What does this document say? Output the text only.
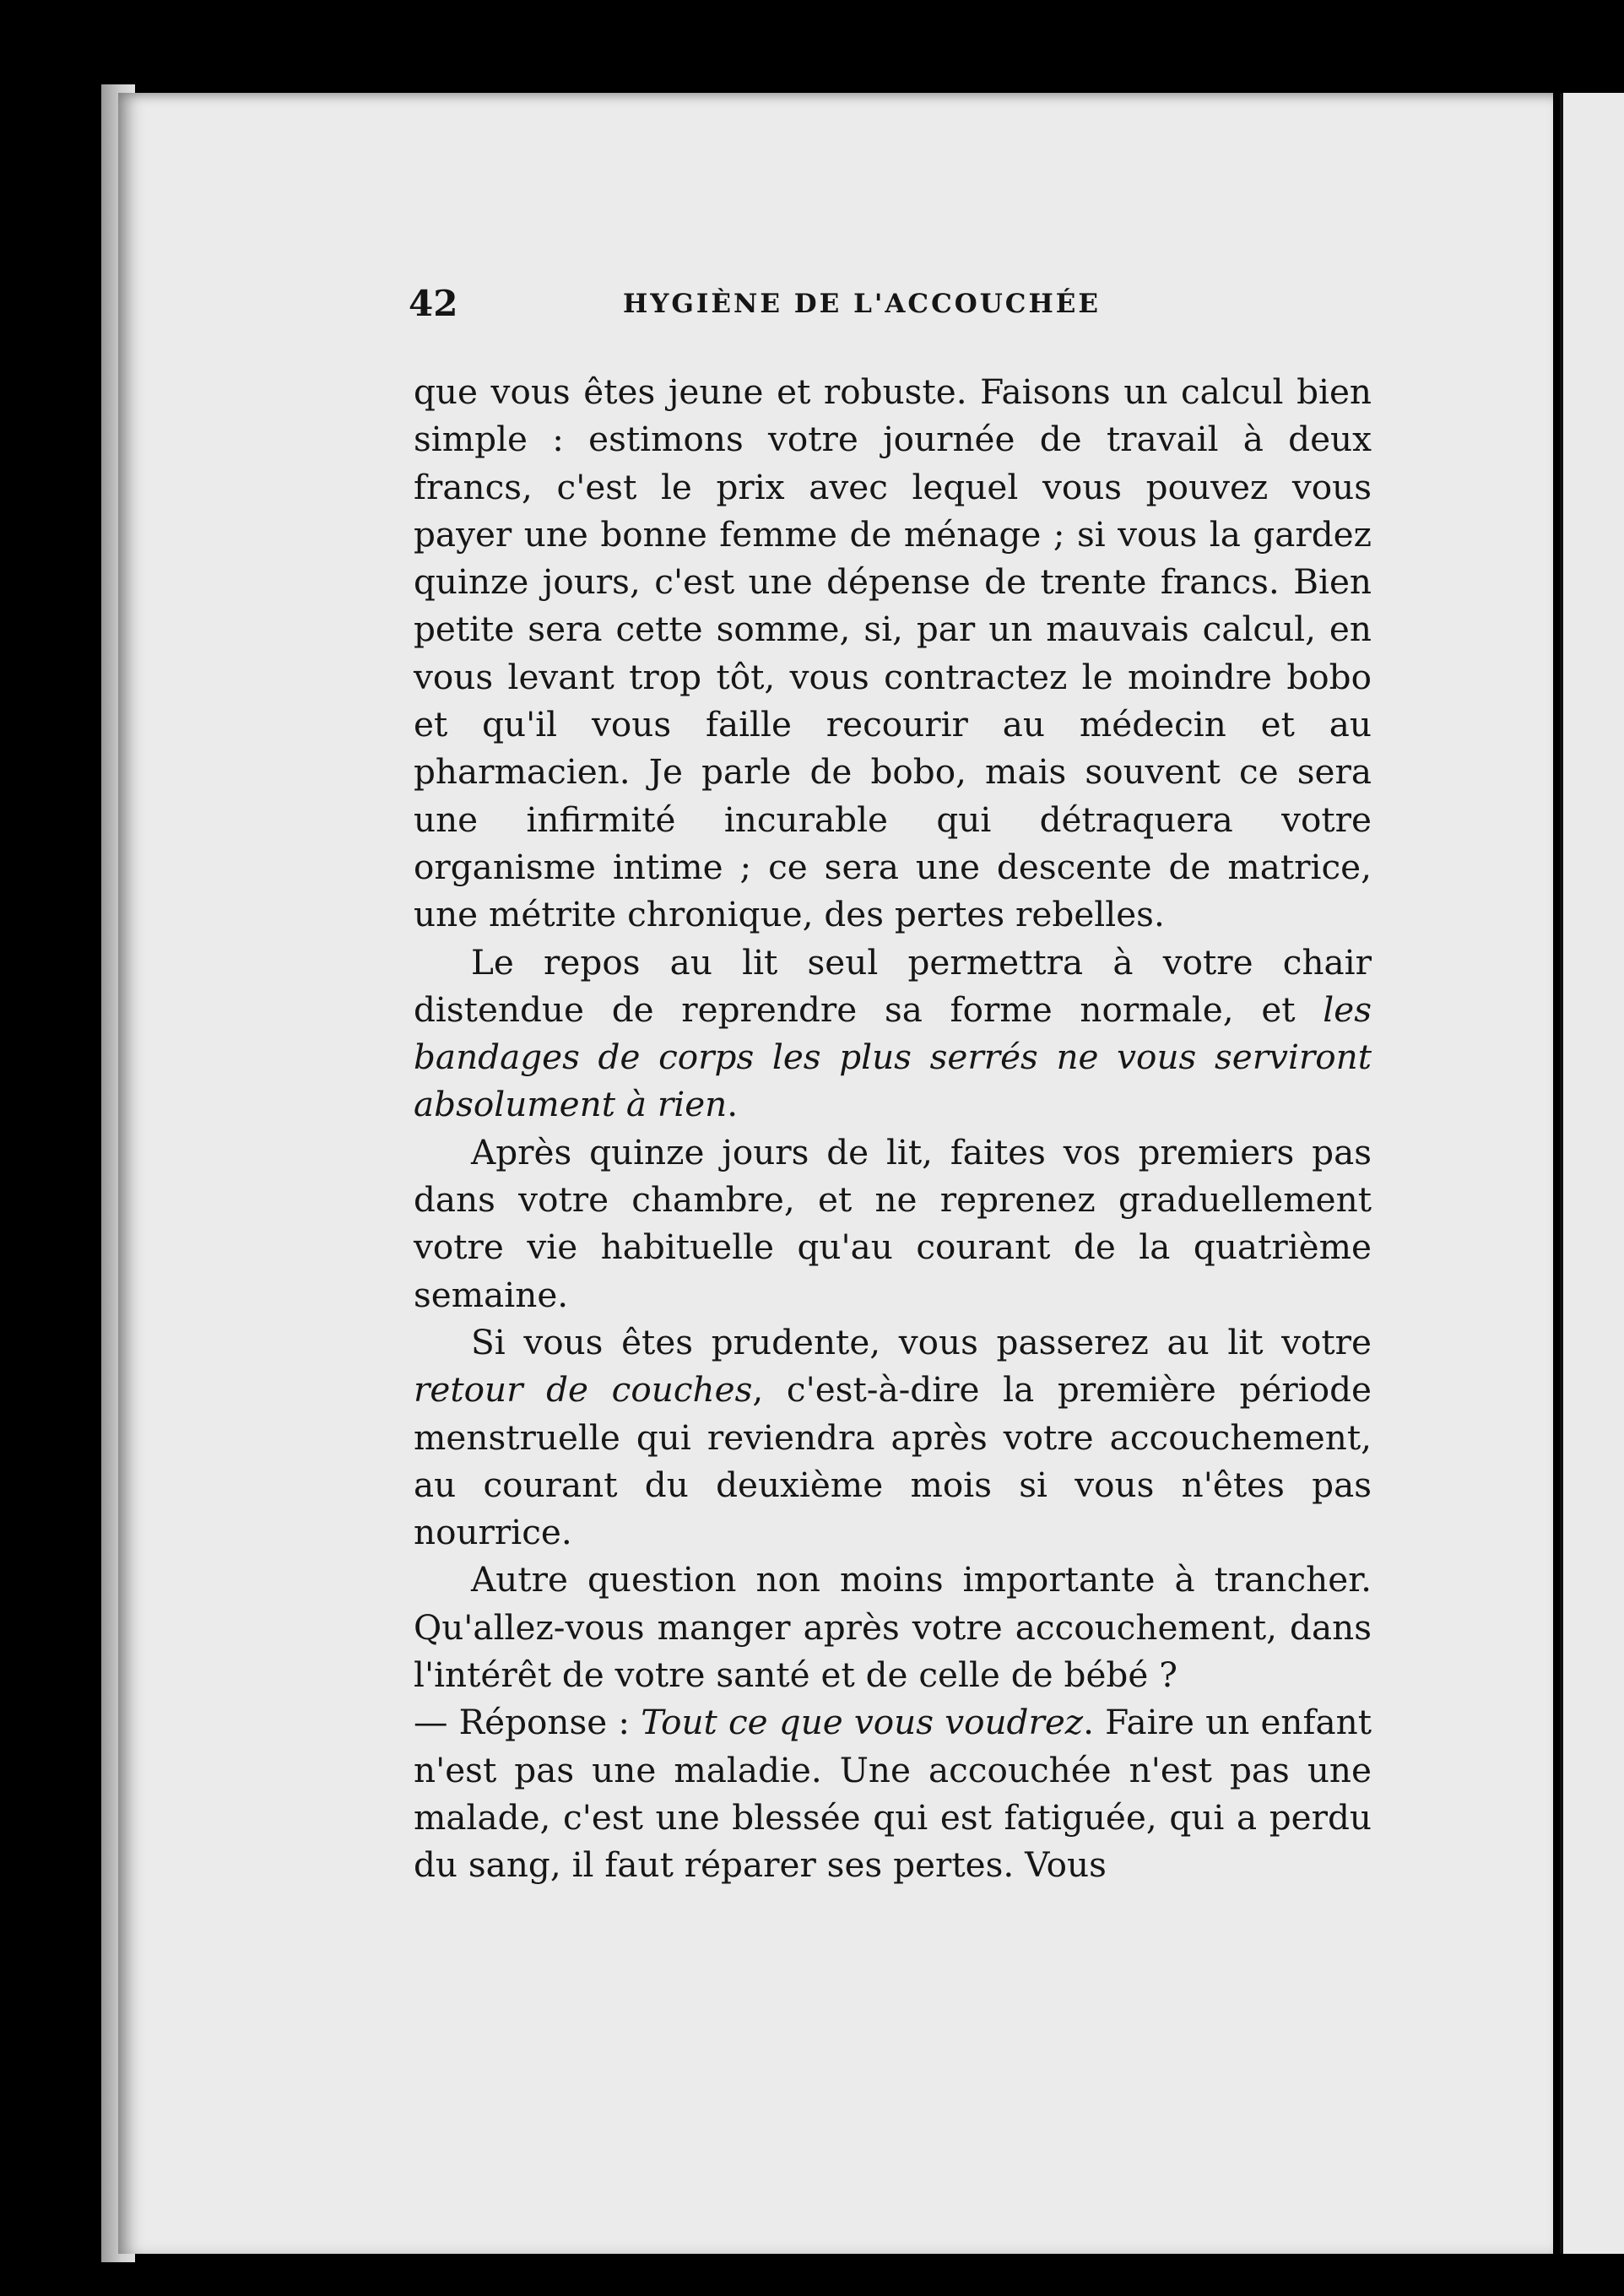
42	HYGIÈNE DE L'ACCOUCHÉE

que vous êtes jeune et robuste. Faisons un calcul bien simple : estimons votre journée de travail à deux francs, c'est le prix avec lequel vous pouvez vous payer une bonne femme de ménage ; si vous la gardez quinze jours, c'est une dépense de trente francs. Bien petite sera cette somme, si, par un mauvais calcul, en vous levant trop tôt, vous contractez le moindre bobo et qu'il vous faille recourir au médecin et au pharmacien. Je parle de bobo, mais souvent ce sera une infirmité incurable qui détraquera votre organisme intime ; ce sera une descente de matrice, une métrite chronique, des pertes rebelles.

Le repos au lit seul permettra à votre chair distendue de reprendre sa forme normale, et les bandages de corps les plus serrés ne vous serviront absolument à rien.

Après quinze jours de lit, faites vos premiers pas dans votre chambre, et ne reprenez graduellement votre vie habituelle qu'au courant de la quatrième semaine.

Si vous êtes prudente, vous passerez au lit votre retour de couches, c'est-à-dire la première période menstruelle qui reviendra après votre accouchement, au courant du deuxième mois si vous n'êtes pas nourrice.

Autre question non moins importante à trancher. Qu'allez-vous manger après votre accouchement, dans l'intérêt de votre santé et de celle de bébé ?

— Réponse : Tout ce que vous voudrez. Faire un enfant n'est pas une maladie. Une accouchée n'est pas une malade, c'est une blessée qui est fatiguée, qui a perdu du sang, il faut réparer ses pertes. Vous
